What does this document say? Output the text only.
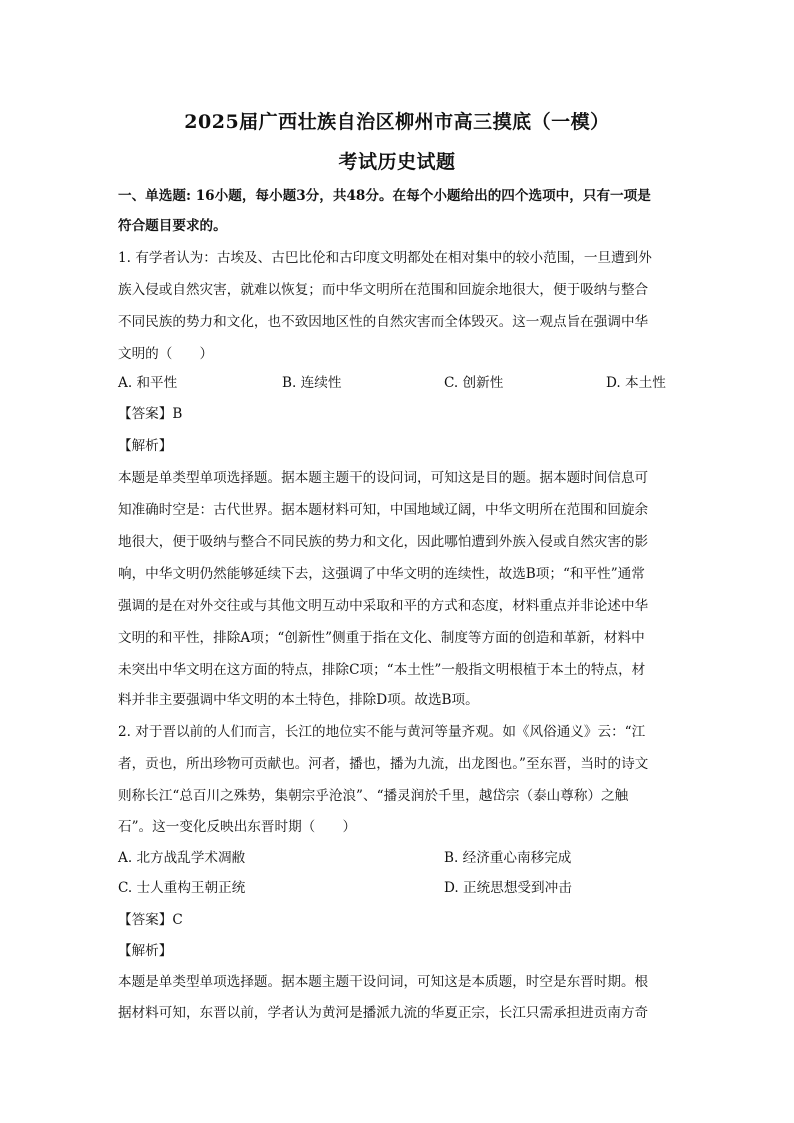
2025届广西壮族自治区柳州市高三摸底（一模）
考试历史试题
一、单选题: 16小题，每小题3分，共48分。在每个小题给出的四个选项中，只有一项是
符合题目要求的。
1. 有学者认为：古埃及、古巴比伦和古印度文明都处在相对集中的较小范围，一旦遭到外
族入侵或自然灾害，就难以恢复；而中华文明所在范围和回旋余地很大，便于吸纳与整合
不同民族的势力和文化，也不致因地区性的自然灾害而全体毁灭。这一观点旨在强调中华
文明的（　　）
A. 和平性	B. 连续性	C. 创新性	D. 本土性
【答案】B
【解析】
本题是单类型单项选择题。据本题主题干的设问词，可知这是目的题。据本题时间信息可
知准确时空是：古代世界。据本题材料可知，中国地域辽阔，中华文明所在范围和回旋余
地很大，便于吸纳与整合不同民族的势力和文化，因此哪怕遭到外族入侵或自然灾害的影
响，中华文明仍然能够延续下去，这强调了中华文明的连续性，故选B项；“和平性”通常
强调的是在对外交往或与其他文明互动中采取和平的方式和态度，材料重点并非论述中华
文明的和平性，排除A项；“创新性”侧重于指在文化、制度等方面的创造和革新，材料中
未突出中华文明在这方面的特点，排除C项；“本土性”一般指文明根植于本土的特点，材
料并非主要强调中华文明的本土特色，排除D项。故选B项。
2. 对于晋以前的人们而言，长江的地位实不能与黄河等量齐观。如《风俗通义》云：“江
者，贡也，所出珍物可贡献也。河者，播也，播为九流，出龙图也。”至东晋，当时的诗文
则称长江“总百川之殊势，集朝宗乎沧浪”、“播灵润於千里，越岱宗（泰山尊称）之触
石”。这一变化反映出东晋时期（　　）
A. 北方战乱学术凋敝	B. 经济重心南移完成
C. 士人重构王朝正统	D. 正统思想受到冲击
【答案】C
【解析】
本题是单类型单项选择题。据本题主题干设问词，可知这是本质题，时空是东晋时期。根
据材料可知，东晋以前，学者认为黄河是播派九流的华夏正宗，长江只需承担进贡南方奇
